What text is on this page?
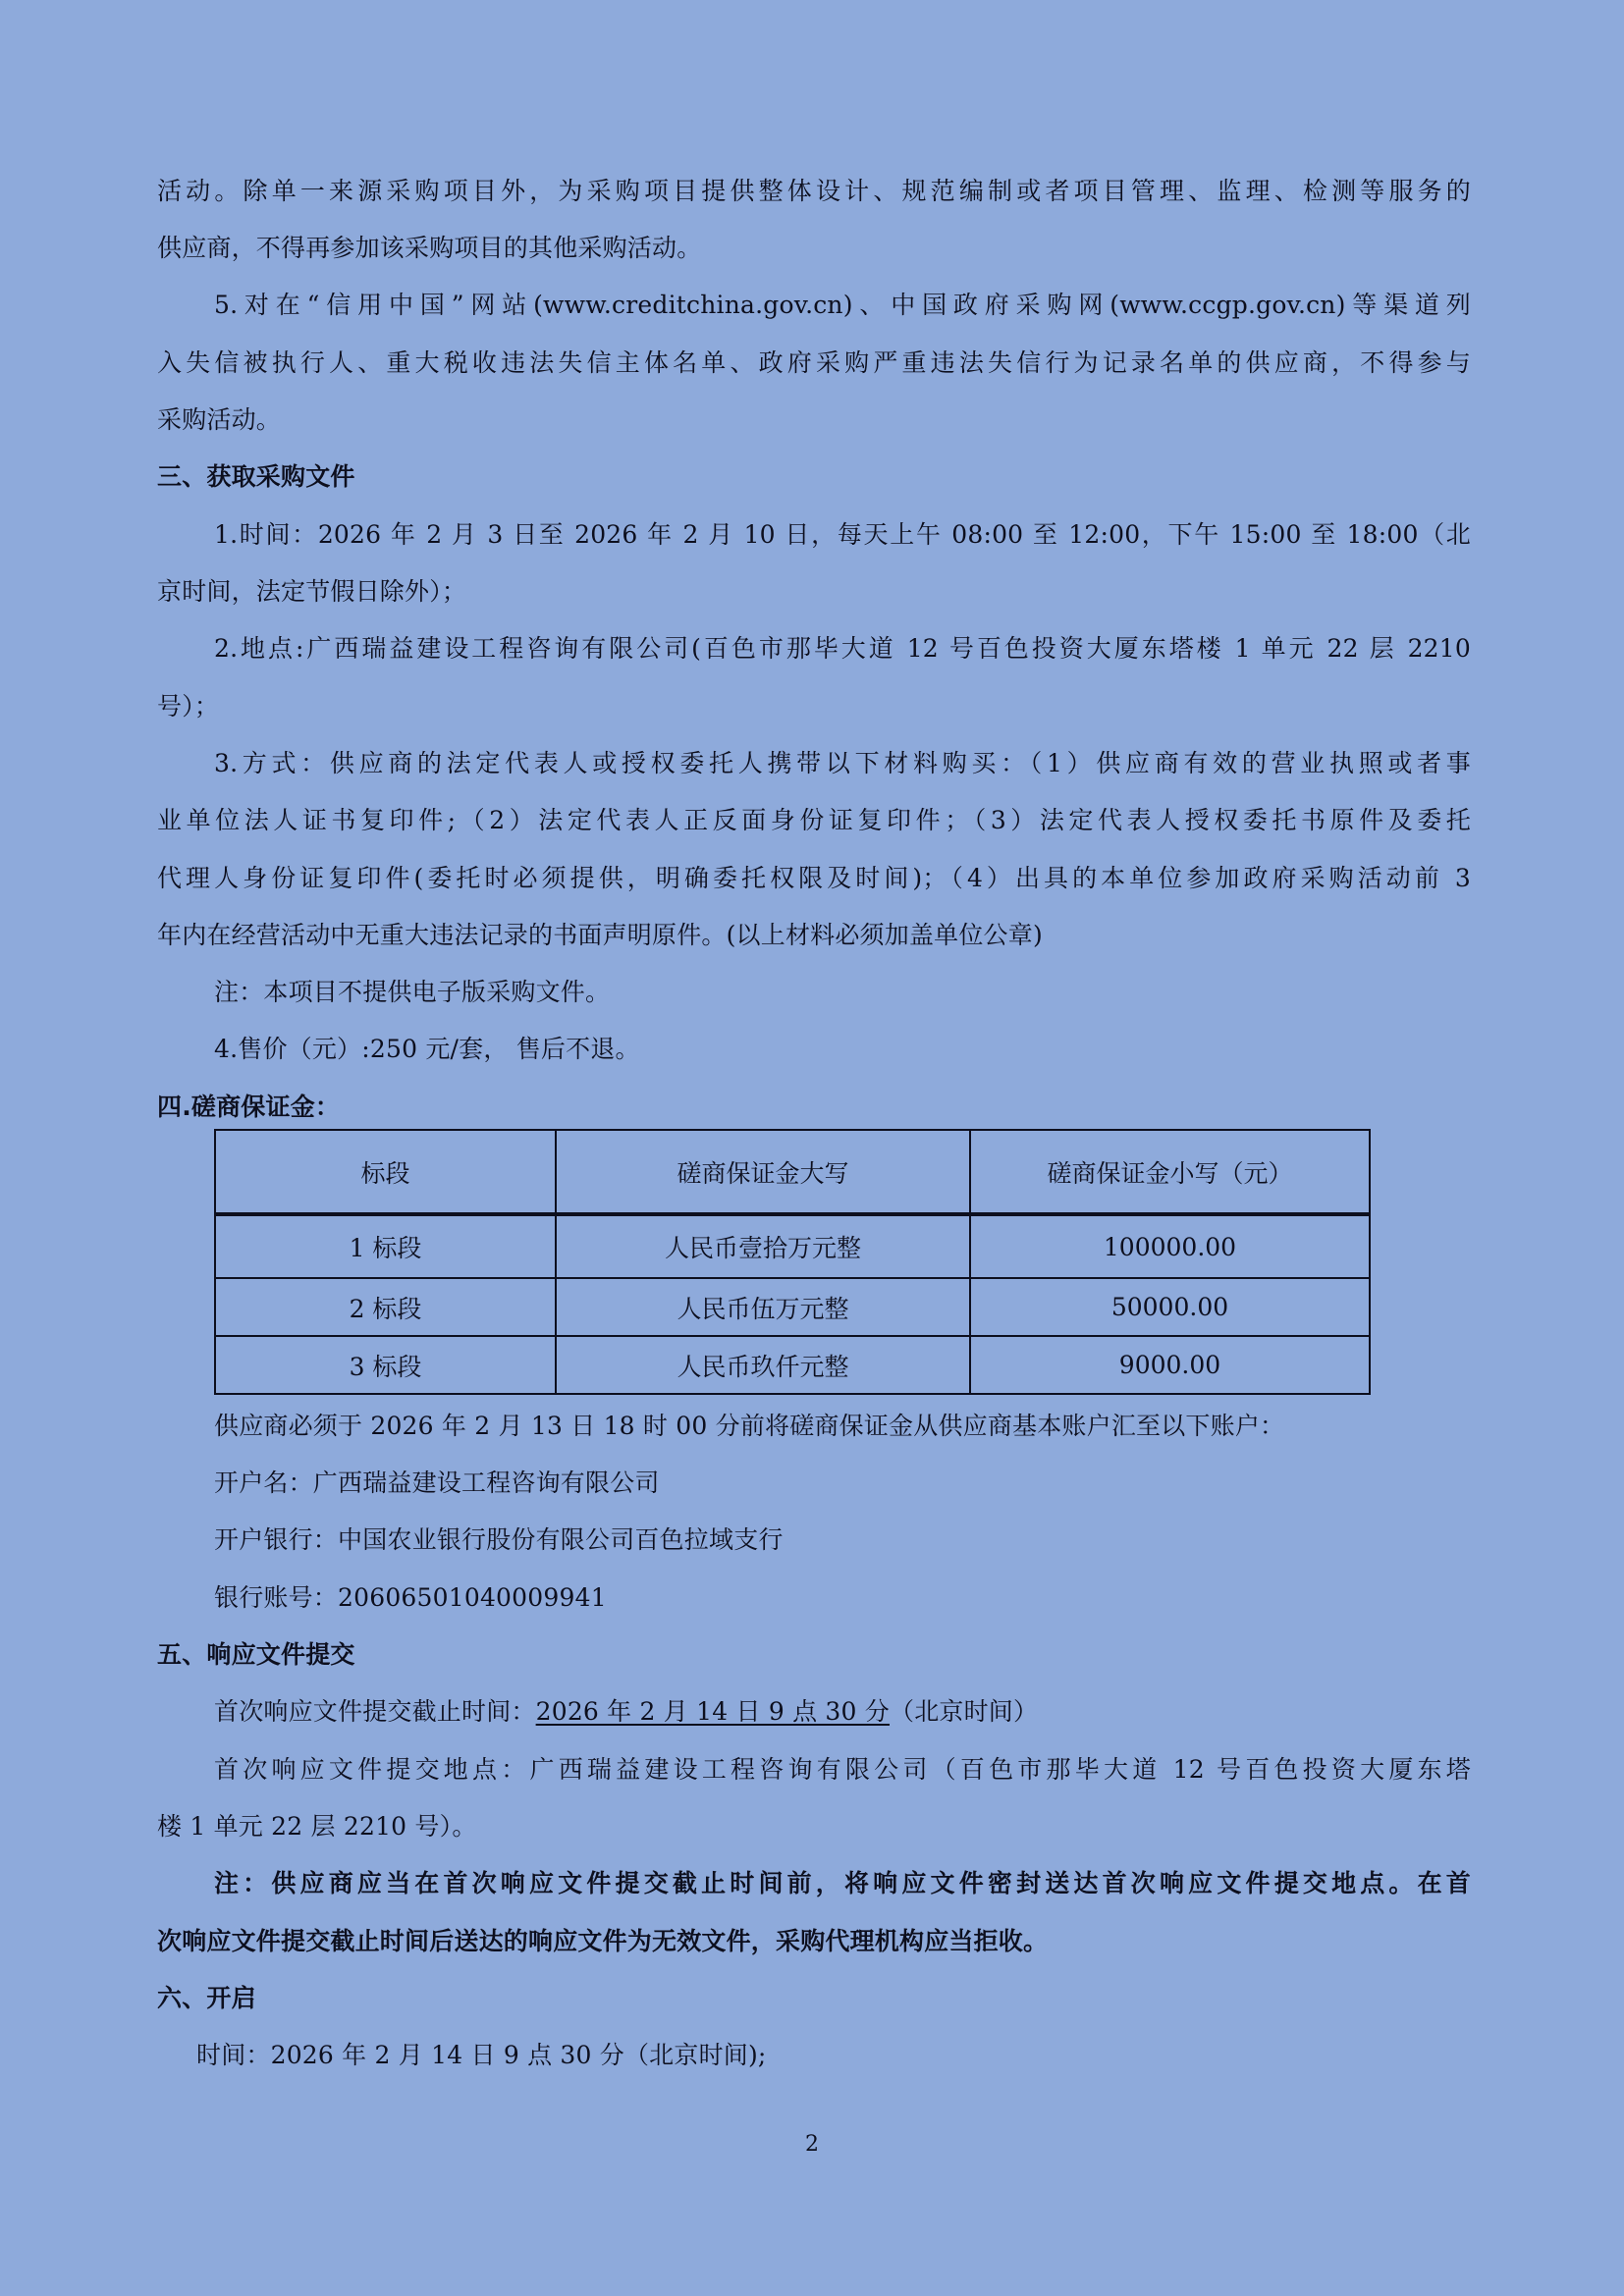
活动。除单一来源采购项目外，为采购项目提供整体设计、规范编制或者项目管理、监理、检测等服务的
供应商，不得再参加该采购项目的其他采购活动。
5.对在“信用中国”网站(www.creditchina.gov.cn)、中国政府采购网(www.ccgp.gov.cn)等渠道列
入失信被执行人、重大税收违法失信主体名单、政府采购严重违法失信行为记录名单的供应商，不得参与
采购活动。
三、获取采购文件
1.时间：2026 年 2 月 3 日至 2026 年 2 月 10 日，每天上午 08:00 至 12:00，下午 15:00 至 18:00（北
京时间，法定节假日除外）；
2.地点:广西瑞益建设工程咨询有限公司(百色市那毕大道 12 号百色投资大厦东塔楼 1 单元 22 层 2210
号）；
3.方式：供应商的法定代表人或授权委托人携带以下材料购买：（1）供应商有效的营业执照或者事
业单位法人证书复印件;（2）法定代表人正反面身份证复印件；（3）法定代表人授权委托书原件及委托
代理人身份证复印件(委托时必须提供，明确委托权限及时间)；（4）出具的本单位参加政府采购活动前 3
年内在经营活动中无重大违法记录的书面声明原件。(以上材料必须加盖单位公章)
注：本项目不提供电子版采购文件。
4.售价（元）:250 元/套， 售后不退。
四.磋商保证金：
标段	磋商保证金大写	磋商保证金小写（元）
1 标段	人民币壹拾万元整	100000.00
2 标段	人民币伍万元整	50000.00
3 标段	人民币玖仟元整	9000.00
供应商必须于 2026 年 2 月 13 日 18 时 00 分前将磋商保证金从供应商基本账户汇至以下账户：
开户名：广西瑞益建设工程咨询有限公司
开户银行：中国农业银行股份有限公司百色拉域支行
银行账号：20606501040009941
五、响应文件提交
首次响应文件提交截止时间：2026 年 2 月 14 日 9 点 30 分（北京时间）
首次响应文件提交地点：广西瑞益建设工程咨询有限公司（百色市那毕大道 12 号百色投资大厦东塔
楼 1 单元 22 层 2210 号）。
注：供应商应当在首次响应文件提交截止时间前，将响应文件密封送达首次响应文件提交地点。在首
次响应文件提交截止时间后送达的响应文件为无效文件，采购代理机构应当拒收。
六、开启
时间：2026 年 2 月 14 日 9 点 30 分（北京时间);
2
